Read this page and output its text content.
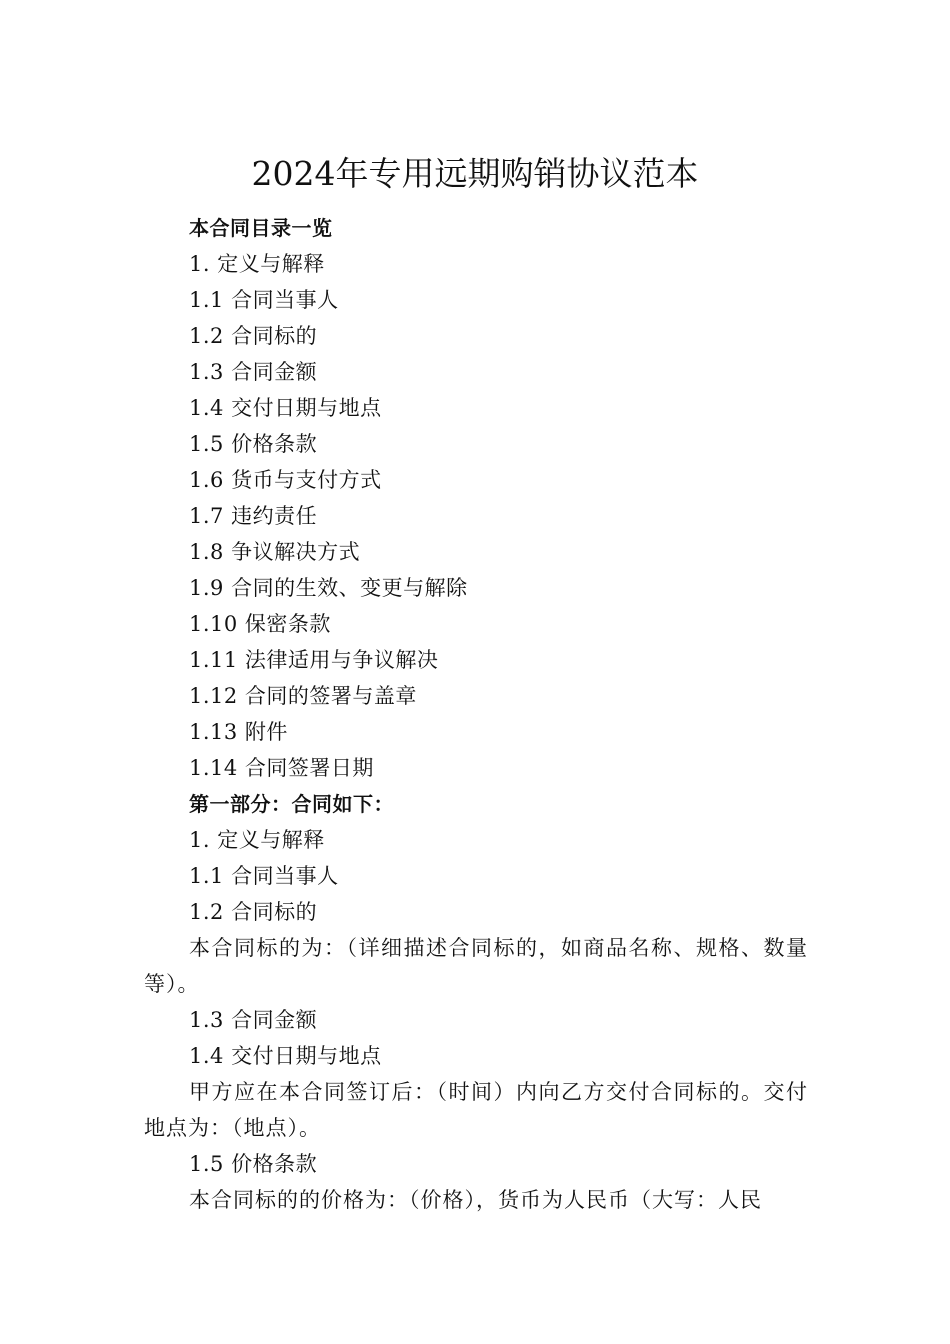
2024年专用远期购销协议范本
本合同目录一览
1. 定义与解释
1.1 合同当事人
1.2 合同标的
1.3 合同金额
1.4 交付日期与地点
1.5 价格条款
1.6 货币与支付方式
1.7 违约责任
1.8 争议解决方式
1.9 合同的生效、变更与解除
1.10 保密条款
1.11 法律适用与争议解决
1.12 合同的签署与盖章
1.13 附件
1.14 合同签署日期
第一部分：合同如下：
1. 定义与解释
1.1 合同当事人
1.2 合同标的
本合同标的为：（详细描述合同标的，如商品名称、规格、数量等）。
1.3 合同金额
1.4 交付日期与地点
甲方应在本合同签订后：（时间）内向乙方交付合同标的。交付地点为：（地点）。
1.5 价格条款
本合同标的的价格为：（价格），货币为人民币（大写：人民
